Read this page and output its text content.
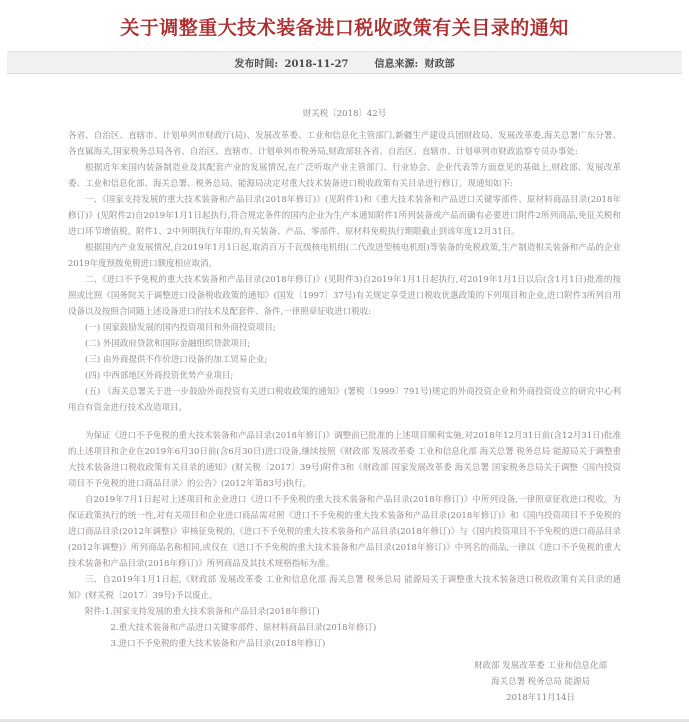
关于调整重大技术装备进口税收政策有关目录的通知
发布时间: 2018-11-27	信息来源: 财政部

财关税〔2018〕42号

各省、自治区、直辖市、计划单列市财政厅(局)、发展改革委、工业和信息化主管部门,新疆生产建设兵团财政局、发展改革委,海关总署广东分署、各直属海关,国家税务总局各省、自治区、直辖市、计划单列市税务局,财政部驻各省、自治区、直辖市、计划单列市财政监察专员办事处:

根据近年来国内装备制造业及其配套产业的发展情况,在广泛听取产业主管部门、行业协会、企业代表等方面意见的基础上,财政部、发展改革委、工业和信息化部、海关总署、税务总局、能源局决定对重大技术装备进口税收政策有关目录进行修订。现通知如下:

一、《国家支持发展的重大技术装备和产品目录(2018年修订)》(见附件1)和《重大技术装备和产品进口关键零部件、原材料商品目录(2018年修订)》(见附件2)自2019年1月1日起执行,符合规定条件的国内企业为生产本通知附件1所列装备或产品而确有必要进口附件2所列商品,免征关税和进口环节增值税。附件1、2中列明执行年限的,有关装备、产品、零部件、原材料免税执行期限截止到该年度12月31日。

根据国内产业发展情况,自2019年1月1日起,取消百万千瓦级核电机组(二代改进型核电机组)等装备的免税政策,生产制造相关装备和产品的企业2019年度预拨免税进口额度相应取消。

二、《进口不予免税的重大技术装备和产品目录(2018年修订)》(见附件3)自2019年1月1日起执行,对2019年1月1日以后(含1月1日)批准的按照或比照《国务院关于调整进口设备税收政策的通知》(国发〔1997〕37号)有关规定享受进口税收优惠政策的下列项目和企业,进口附件3所列自用设备以及按照合同随上述设备进口的技术及配套件、备件,一律照章征收进口税收:

(一) 国家鼓励发展的国内投资项目和外商投资项目;

(二) 外国政府贷款和国际金融组织贷款项目;

(三) 由外商提供不作价进口设备的加工贸易企业;

(四) 中西部地区外商投资优势产业项目;

(五) 《海关总署关于进一步鼓励外商投资有关进口税收政策的通知》(署税〔1999〕791号)规定的外商投资企业和外商投资设立的研究中心利用自有资金进行技术改造项目。

为保证《进口不予免税的重大技术装备和产品目录(2018年修订)》调整前已批准的上述项目顺利实施,对2018年12月31日前(含12月31日)批准的上述项目和企业在2019年6月30日前(含6月30日)进口设备,继续按照《财政部 发展改革委 工业和信息化部 海关总署 税务总局 能源局关于调整重大技术装备进口税收政策有关目录的通知》(财关税〔2017〕39号)附件3和《财政部 国家发展改革委 海关总署 国家税务总局关于调整〈国内投资项目不予免税的进口商品目录〉的公告》(2012年第83号)执行。

自2019年7月1日起对上述项目和企业进口《进口不予免税的重大技术装备和产品目录(2018年修订)》中所列设备,一律照章征收进口税收。为保证政策执行的统一性,对有关项目和企业进口商品需对照《进口不予免税的重大技术装备和产品目录(2018年修订)》和《国内投资项目不予免税的进口商品目录(2012年调整)》审核征免税的,《进口不予免税的重大技术装备和产品目录(2018年修订)》与《国内投资项目不予免税的进口商品目录(2012年调整)》所列商品名称相同,或仅在《进口不予免税的重大技术装备和产品目录(2018年修订)》中列名的商品,一律以《进口不予免税的重大技术装备和产品目录(2018年修订)》所列商品及其技术规格指标为准。

三、自2019年1月1日起,《财政部 发展改革委 工业和信息化部 海关总署 税务总局 能源局关于调整重大技术装备进口税收政策有关目录的通知》(财关税〔2017〕39号)予以废止。

附件:1.国家支持发展的重大技术装备和产品目录(2018年修订)

2.重大技术装备和产品进口关键零部件、原材料商品目录(2018年修订)

3.进口不予免税的重大技术装备和产品目录(2018年修订)

财政部 发展改革委 工业和信息化部

海关总署 税务总局 能源局

2018年11月14日
